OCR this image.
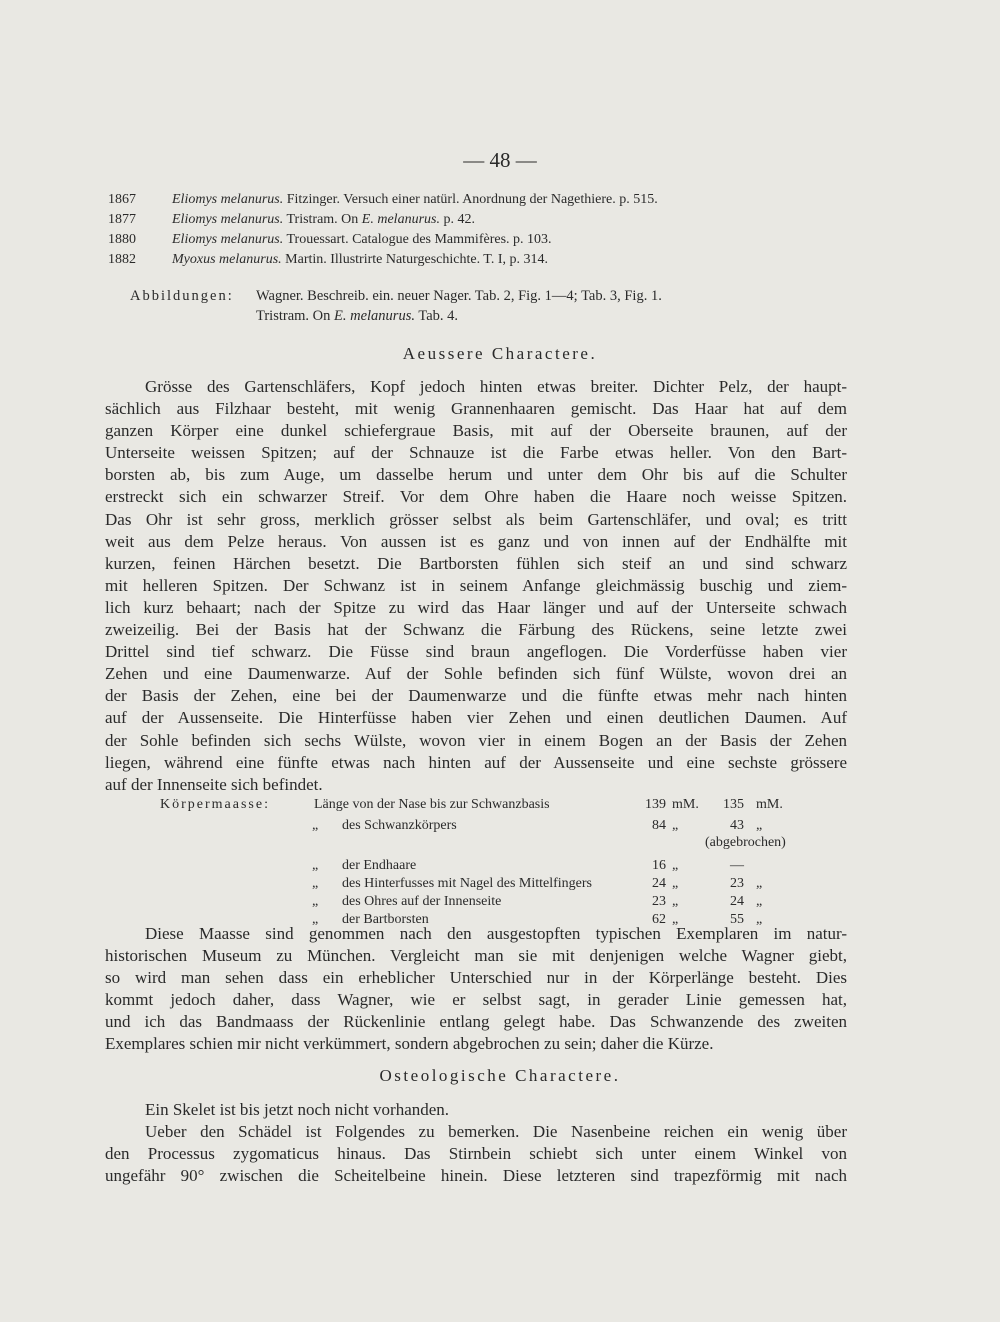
— 48 —
1867	Eliomys melanurus. Fitzinger. Versuch einer natürl. Anordnung der Nagethiere. p. 515.
1877	Eliomys melanurus. Tristram. On E. melanurus. p. 42.
1880	Eliomys melanurus. Trouessart. Catalogue des Mammifères. p. 103.
1882	Myoxus melanurus. Martin. Illustrirte Naturgeschichte. T. I, p. 314.
Abbildungen: Wagner. Beschreib. ein. neuer Nager. Tab. 2, Fig. 1—4; Tab. 3, Fig. 1.
Tristram. On E. melanurus. Tab. 4.
Aeussere Charactere.
Grösse des Gartenschläfers, Kopf jedoch hinten etwas breiter. Dichter Pelz, der haupt-
sächlich aus Filzhaar besteht, mit wenig Grannenhaaren gemischt. Das Haar hat auf dem
ganzen Körper eine dunkel schiefergraue Basis, mit auf der Oberseite braunen, auf der
Unterseite weissen Spitzen; auf der Schnauze ist die Farbe etwas heller. Von den Bart-
borsten ab, bis zum Auge, um dasselbe herum und unter dem Ohr bis auf die Schulter
erstreckt sich ein schwarzer Streif. Vor dem Ohre haben die Haare noch weisse Spitzen.
Das Ohr ist sehr gross, merklich grösser selbst als beim Gartenschläfer, und oval; es tritt
weit aus dem Pelze heraus. Von aussen ist es ganz und von innen auf der Endhälfte mit
kurzen, feinen Härchen besetzt. Die Bartborsten fühlen sich steif an und sind schwarz
mit helleren Spitzen. Der Schwanz ist in seinem Anfange gleichmässig buschig und ziem-
lich kurz behaart; nach der Spitze zu wird das Haar länger und auf der Unterseite schwach
zweizeilig. Bei der Basis hat der Schwanz die Färbung des Rückens, seine letzte zwei
Drittel sind tief schwarz. Die Füsse sind braun angeflogen. Die Vorderfüsse haben vier
Zehen und eine Daumenwarze. Auf der Sohle befinden sich fünf Wülste, wovon drei an
der Basis der Zehen, eine bei der Daumenwarze und die fünfte etwas mehr nach hinten
auf der Aussenseite. Die Hinterfüsse haben vier Zehen und einen deutlichen Daumen. Auf
der Sohle befinden sich sechs Wülste, wovon vier in einem Bogen an der Basis der Zehen
liegen, während eine fünfte etwas nach hinten auf der Aussenseite und eine sechste grössere
auf der Innenseite sich befindet.
Körpermaasse:	Länge von der Nase bis zur Schwanzbasis	139 mM.	135 mM.
„ des Schwanzkörpers	84 „	43 „
(abgebrochen)
„ der Endhaare	16 „	—
„ des Hinterfusses mit Nagel des Mittelfingers	24 „	23 „
„ des Ohres auf der Innenseite	23 „	24 „
„ der Bartborsten	62 „	55 „
Diese Maasse sind genommen nach den ausgestopften typischen Exemplaren im natur-
historischen Museum zu München. Vergleicht man sie mit denjenigen welche Wagner giebt,
so wird man sehen dass ein erheblicher Unterschied nur in der Körperlänge besteht. Dies
kommt jedoch daher, dass Wagner, wie er selbst sagt, in gerader Linie gemessen hat,
und ich das Bandmaass der Rückenlinie entlang gelegt habe. Das Schwanzende des zweiten
Exemplares schien mir nicht verkümmert, sondern abgebrochen zu sein; daher die Kürze.
Osteologische Charactere.
Ein Skelet ist bis jetzt noch nicht vorhanden.
Ueber den Schädel ist Folgendes zu bemerken. Die Nasenbeine reichen ein wenig über
den Processus zygomaticus hinaus. Das Stirnbein schiebt sich unter einem Winkel von
ungefähr 90° zwischen die Scheitelbeine hinein. Diese letzteren sind trapezförmig mit nach
